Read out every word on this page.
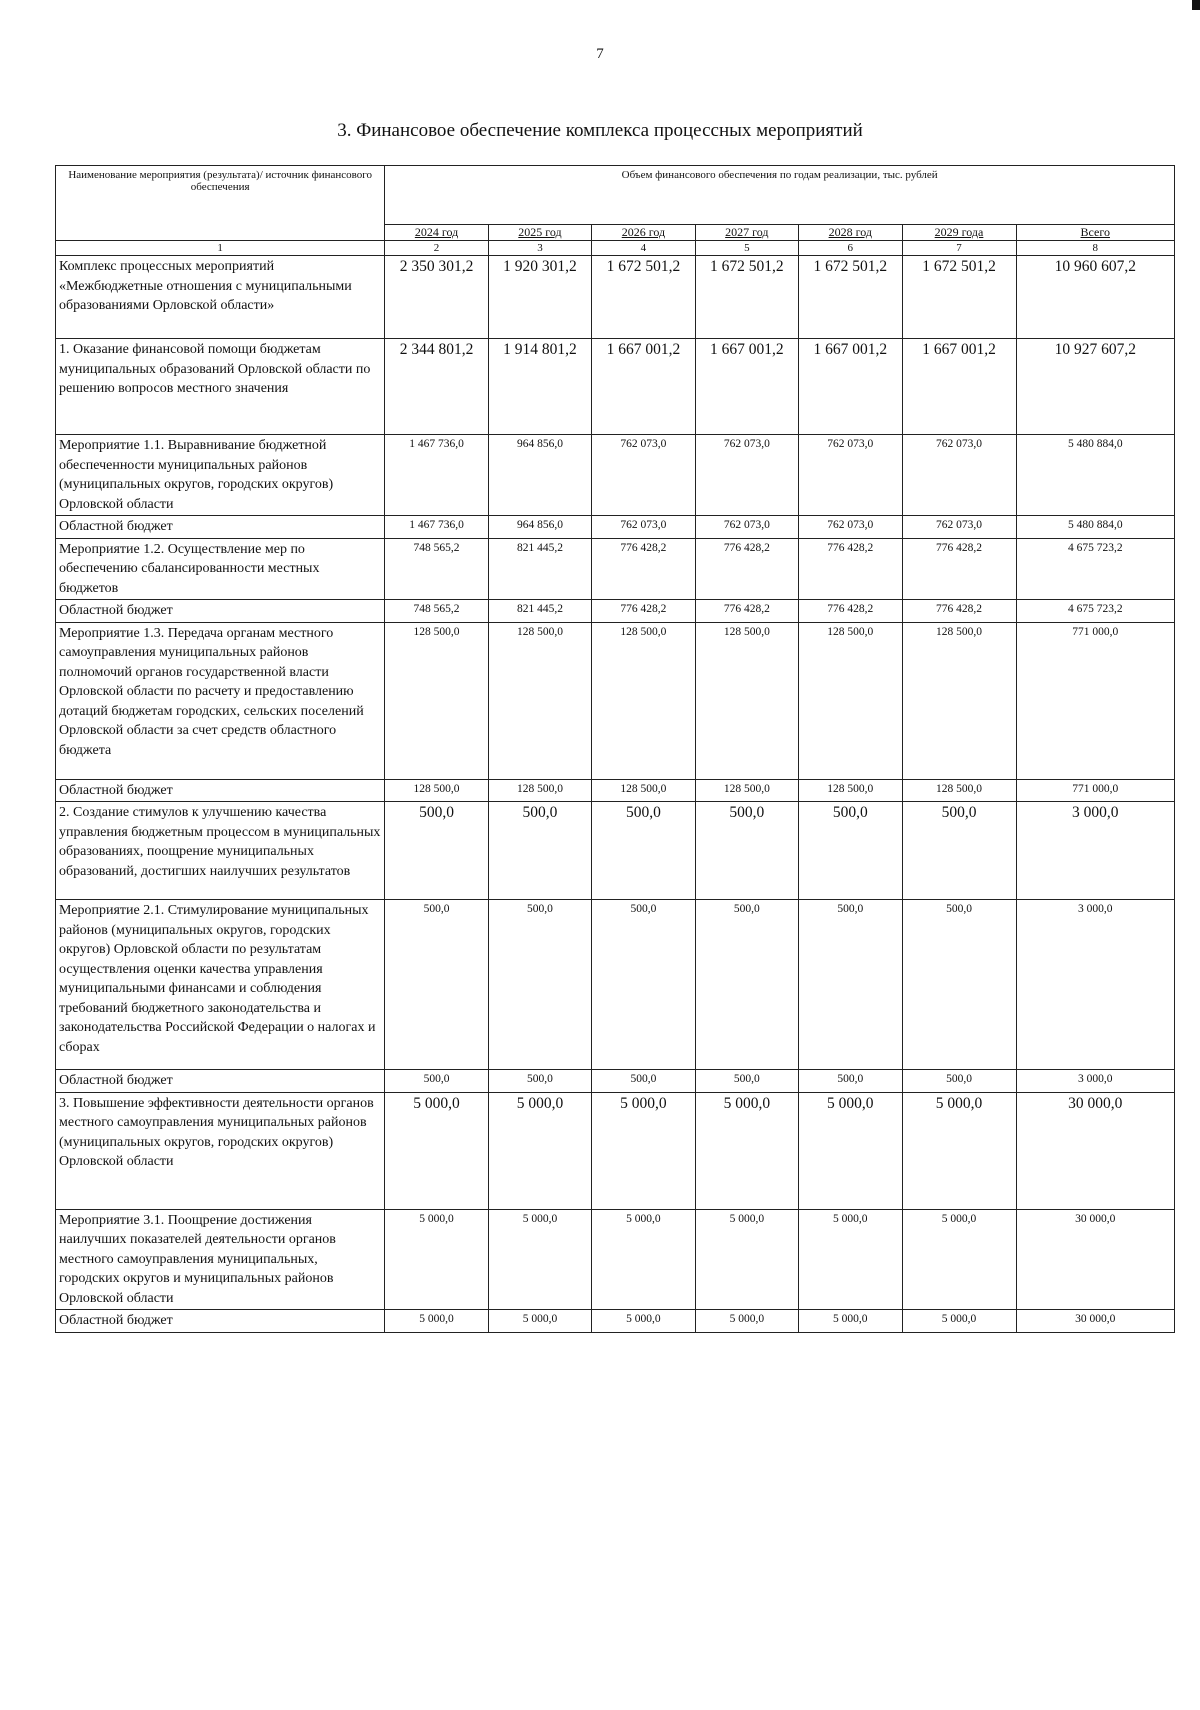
7
3. Финансовое обеспечение комплекса процессных мероприятий
Наименование мероприятия (результата)/ источник финансового обеспечения	Объем финансового обеспечения по годам реализации, тыс. рублей						
	2024 год	2025 год	2026 год	2027 год	2028 год	2029 года	Всего
1	2	3	4	5	6	7	8
Комплекс процессных мероприятий «Межбюджетные отношения с муниципальными образованиями Орловской области»	2 350 301,2	1 920 301,2	1 672 501,2	1 672 501,2	1 672 501,2	1 672 501,2	10 960 607,2
1. Оказание финансовой помощи бюджетам муниципальных образований Орловской области по решению вопросов местного значения	2 344 801,2	1 914 801,2	1 667 001,2	1 667 001,2	1 667 001,2	1 667 001,2	10 927 607,2
Мероприятие 1.1. Выравнивание бюджетной обеспеченности муниципальных районов (муниципальных округов, городских округов) Орловской области	1 467 736,0	964 856,0	762 073,0	762 073,0	762 073,0	762 073,0	5 480 884,0
Областной бюджет	1 467 736,0	964 856,0	762 073,0	762 073,0	762 073,0	762 073,0	5 480 884,0
Мероприятие 1.2. Осуществление мер по обеспечению сбалансированности местных бюджетов	748 565,2	821 445,2	776 428,2	776 428,2	776 428,2	776 428,2	4 675 723,2
Областной бюджет	748 565,2	821 445,2	776 428,2	776 428,2	776 428,2	776 428,2	4 675 723,2
Мероприятие 1.3. Передача органам местного самоуправления муниципальных районов полномочий органов государственной власти Орловской области по расчету и предоставлению дотаций бюджетам городских, сельских поселений Орловской области за счет средств областного бюджета	128 500,0	128 500,0	128 500,0	128 500,0	128 500,0	128 500,0	771 000,0
Областной бюджет	128 500,0	128 500,0	128 500,0	128 500,0	128 500,0	128 500,0	771 000,0
2. Создание стимулов к улучшению качества управления бюджетным процессом в муниципальных образованиях, поощрение муниципальных образований, достигших наилучших результатов	500,0	500,0	500,0	500,0	500,0	500,0	3 000,0
Мероприятие 2.1. Стимулирование муниципальных районов (муниципальных округов, городских округов) Орловской области по результатам осуществления оценки качества управления муниципальными финансами и соблюдения требований бюджетного законодательства и законодательства Российской Федерации о налогах и сборах	500,0	500,0	500,0	500,0	500,0	500,0	3 000,0
Областной бюджет	500,0	500,0	500,0	500,0	500,0	500,0	3 000,0
3. Повышение эффективности деятельности органов местного самоуправления муниципальных районов (муниципальных округов, городских округов) Орловской области	5 000,0	5 000,0	5 000,0	5 000,0	5 000,0	5 000,0	30 000,0
Мероприятие 3.1. Поощрение достижения наилучших показателей деятельности органов местного самоуправления муниципальных, городских округов и муниципальных районов Орловской области	5 000,0	5 000,0	5 000,0	5 000,0	5 000,0	5 000,0	30 000,0
Областной бюджет	5 000,0	5 000,0	5 000,0	5 000,0	5 000,0	5 000,0	30 000,0
